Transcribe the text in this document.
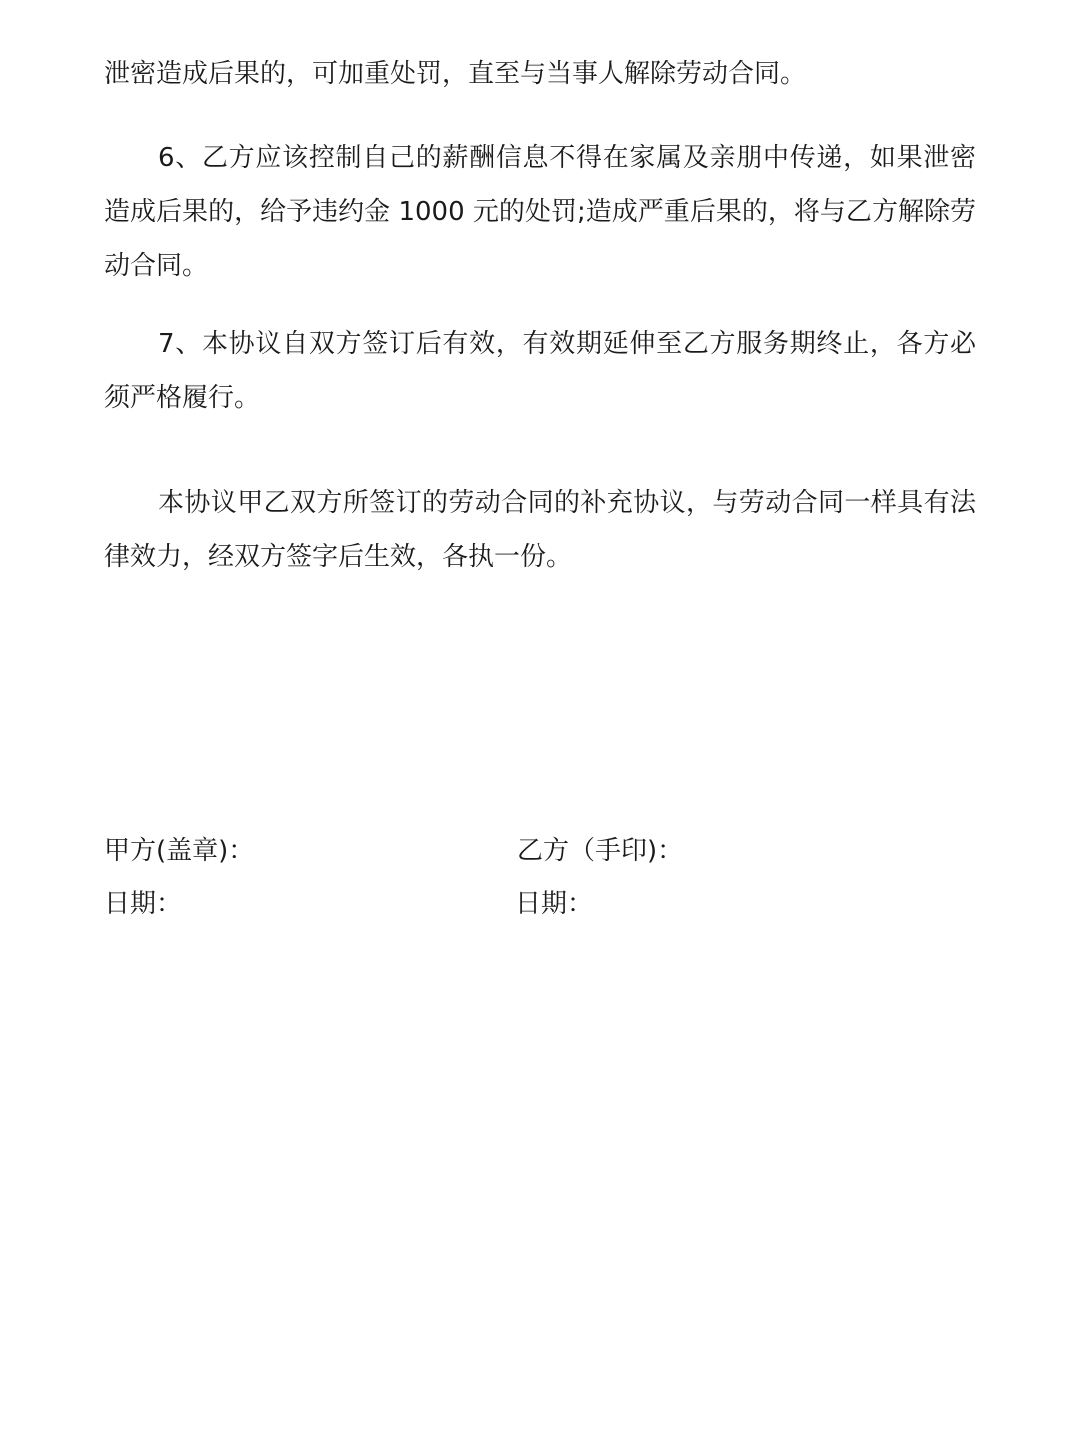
泄密造成后果的，可加重处罚，直至与当事人解除劳动合同。

6、乙方应该控制自己的薪酬信息不得在家属及亲朋中传递，如果泄密造成后果的，给予违约金 1000 元的处罚;造成严重后果的，将与乙方解除劳动合同。

7、本协议自双方签订后有效，有效期延伸至乙方服务期终止，各方必须严格履行。

本协议甲乙双方所签订的劳动合同的补充协议，与劳动合同一样具有法律效力，经双方签字后生效，各执一份。

甲方(盖章)：
日期：
乙方（手印)：
日期：
